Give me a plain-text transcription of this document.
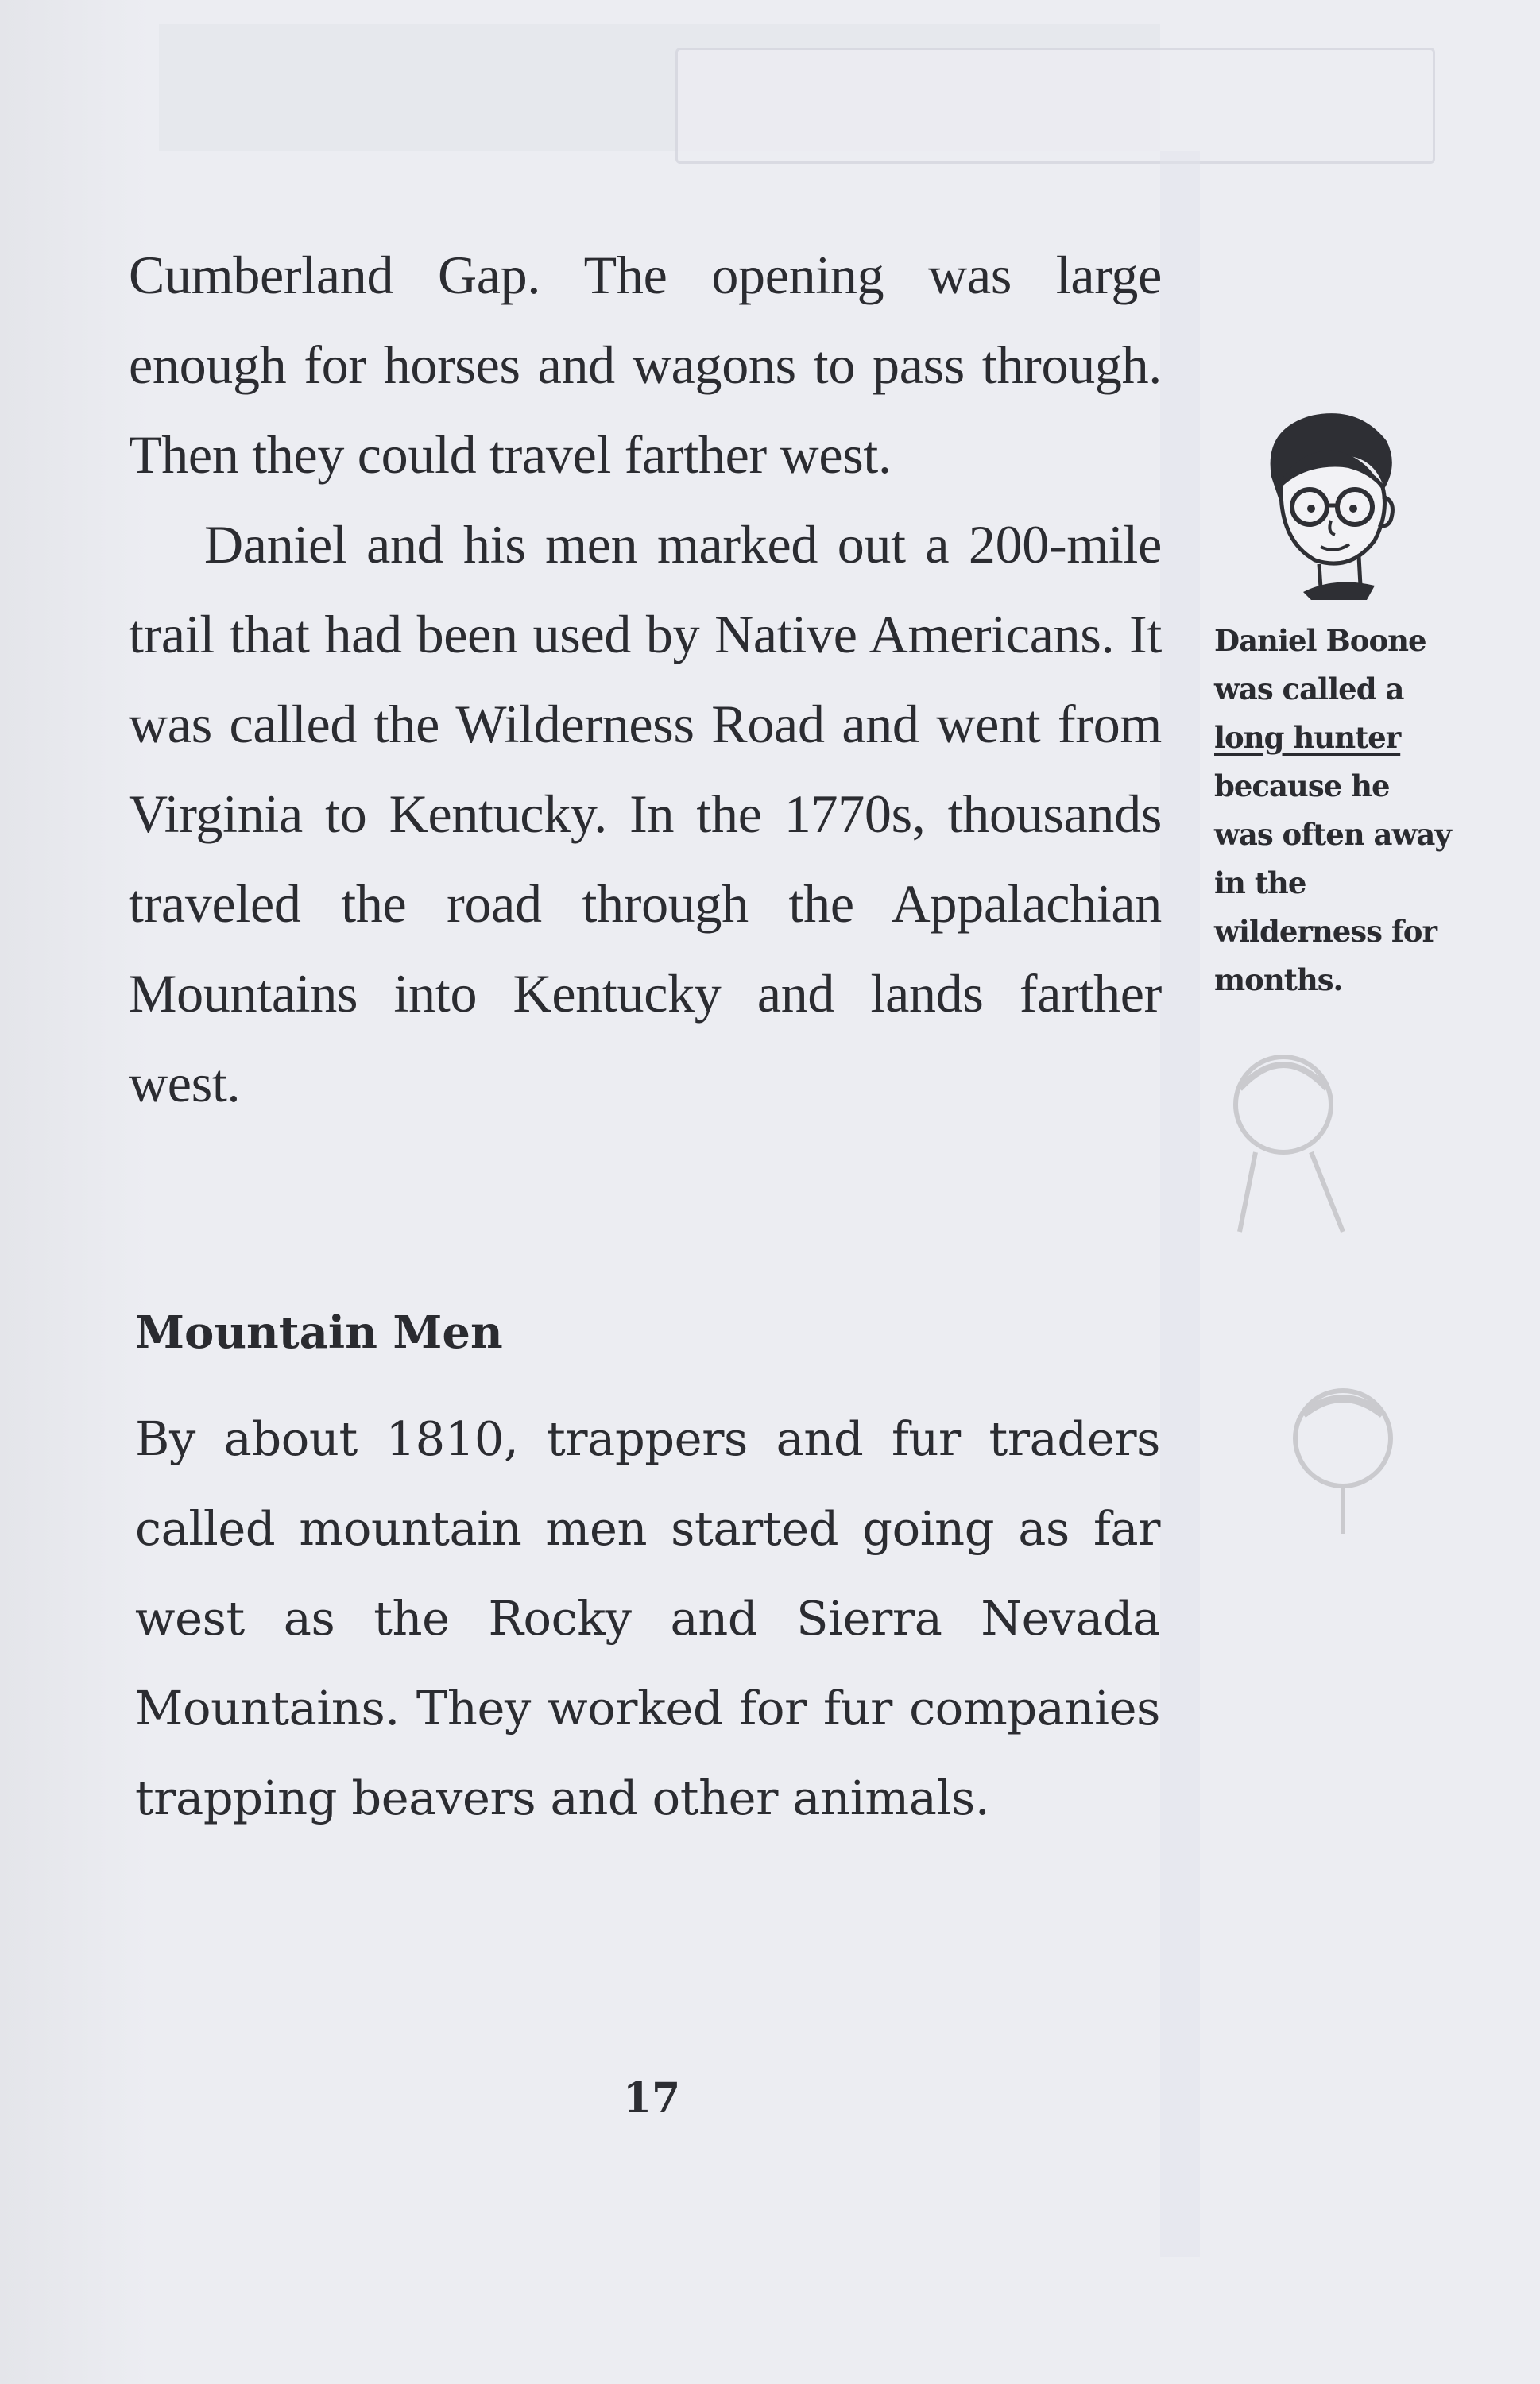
Cumberland Gap. The opening was large enough for horses and wagons to pass through. Then they could travel farther west.

Daniel and his men marked out a 200-mile trail that had been used by Native Americans. It was called the Wilderness Road and went from Virginia to Kentucky. In the 1770s, thousands traveled the road through the Appalachian Mountains into Kentucky and lands farther west.

Mountain Men

By about 1810, trappers and fur traders called mountain men started going as far west as the Rocky and Sierra Nevada Mountains. They worked for fur companies trapping beavers and other animals.

Daniel Boone was called a long hunter because he was often away in the wilderness for months.

17
